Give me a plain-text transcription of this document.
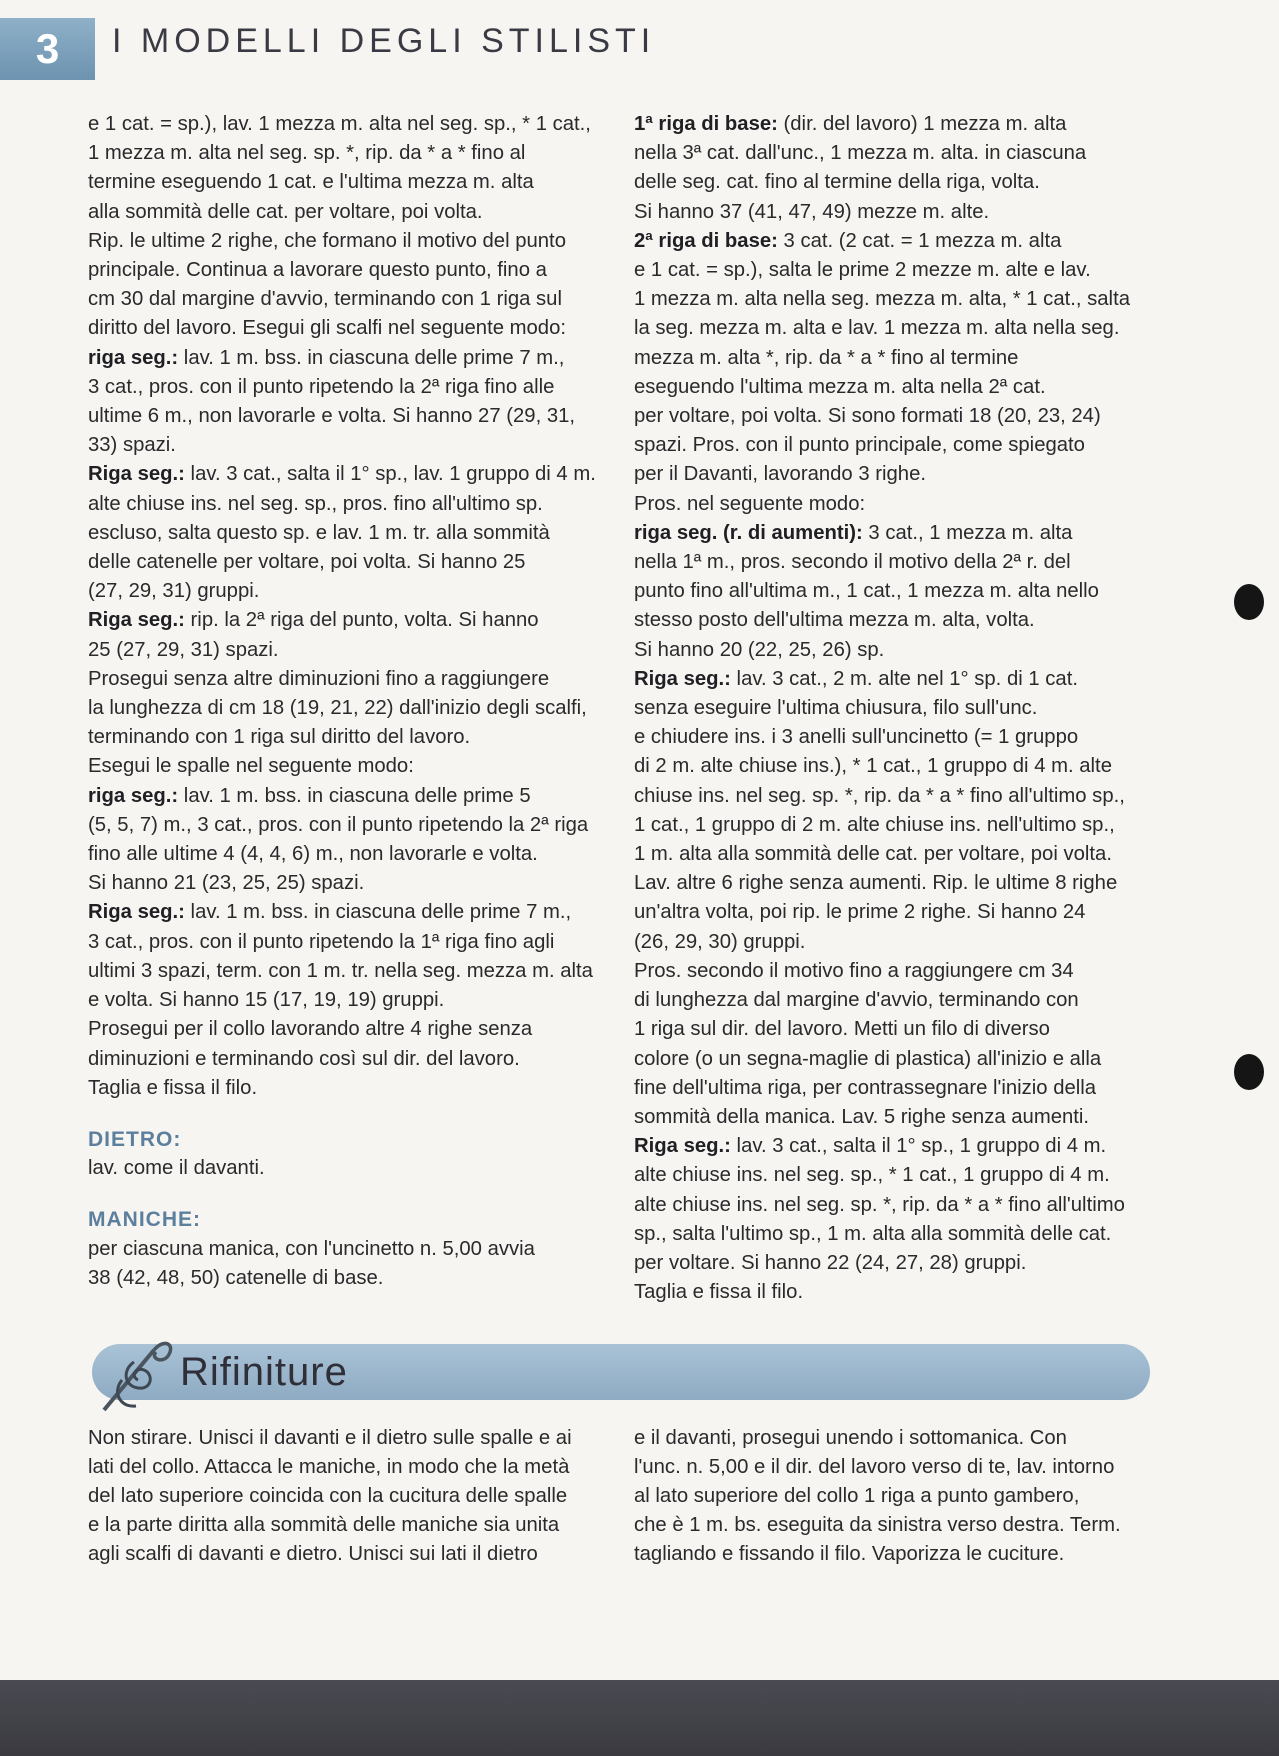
3	I MODELLI DEGLI STILISTI
e 1 cat. = sp.), lav. 1 mezza m. alta nel seg. sp., * 1 cat.,
1 mezza m. alta nel seg. sp. *, rip. da * a * fino al
termine eseguendo 1 cat. e l'ultima mezza m. alta
alla sommità delle cat. per voltare, poi volta.
Rip. le ultime 2 righe, che formano il motivo del punto
principale. Continua a lavorare questo punto, fino a
cm 30 dal margine d'avvio, terminando con 1 riga sul
diritto del lavoro. Esegui gli scalfi nel seguente modo:
riga seg.: lav. 1 m. bss. in ciascuna delle prime 7 m.,
3 cat., pros. con il punto ripetendo la 2ª riga fino alle
ultime 6 m., non lavorarle e volta. Si hanno 27 (29, 31,
33) spazi.
Riga seg.: lav. 3 cat., salta il 1° sp., lav. 1 gruppo di 4 m.
alte chiuse ins. nel seg. sp., pros. fino all'ultimo sp.
escluso, salta questo sp. e lav. 1 m. tr. alla sommità
delle catenelle per voltare, poi volta. Si hanno 25
(27, 29, 31) gruppi.
Riga seg.: rip. la 2ª riga del punto, volta. Si hanno
25 (27, 29, 31) spazi.
Prosegui senza altre diminuzioni fino a raggiungere
la lunghezza di cm 18 (19, 21, 22) dall'inizio degli scalfi,
terminando con 1 riga sul diritto del lavoro.
Esegui le spalle nel seguente modo:
riga seg.: lav. 1 m. bss. in ciascuna delle prime 5
(5, 5, 7) m., 3 cat., pros. con il punto ripetendo la 2ª riga
fino alle ultime 4 (4, 4, 6) m., non lavorarle e volta.
Si hanno 21 (23, 25, 25) spazi.
Riga seg.: lav. 1 m. bss. in ciascuna delle prime 7 m.,
3 cat., pros. con il punto ripetendo la 1ª riga fino agli
ultimi 3 spazi, term. con 1 m. tr. nella seg. mezza m. alta
e volta. Si hanno 15 (17, 19, 19) gruppi.
Prosegui per il collo lavorando altre 4 righe senza
diminuzioni e terminando così sul dir. del lavoro.
Taglia e fissa il filo.
DIETRO:
lav. come il davanti.
MANICHE:
per ciascuna manica, con l'uncinetto n. 5,00 avvia
38 (42, 48, 50) catenelle di base.
1ª riga di base: (dir. del lavoro) 1 mezza m. alta
nella 3ª cat. dall'unc., 1 mezza m. alta. in ciascuna
delle seg. cat. fino al termine della riga, volta.
Si hanno 37 (41, 47, 49) mezze m. alte.
2ª riga di base: 3 cat. (2 cat. = 1 mezza m. alta
e 1 cat. = sp.), salta le prime 2 mezze m. alte e lav.
1 mezza m. alta nella seg. mezza m. alta, * 1 cat., salta
la seg. mezza m. alta e lav. 1 mezza m. alta nella seg.
mezza m. alta *, rip. da * a * fino al termine
eseguendo l'ultima mezza m. alta nella 2ª cat.
per voltare, poi volta. Si sono formati 18 (20, 23, 24)
spazi. Pros. con il punto principale, come spiegato
per il Davanti, lavorando 3 righe.
Pros. nel seguente modo:
riga seg. (r. di aumenti): 3 cat., 1 mezza m. alta
nella 1ª m., pros. secondo il motivo della 2ª r. del
punto fino all'ultima m., 1 cat., 1 mezza m. alta nello
stesso posto dell'ultima mezza m. alta, volta.
Si hanno 20 (22, 25, 26) sp.
Riga seg.: lav. 3 cat., 2 m. alte nel 1° sp. di 1 cat.
senza eseguire l'ultima chiusura, filo sull'unc.
e chiudere ins. i 3 anelli sull'uncinetto (= 1 gruppo
di 2 m. alte chiuse ins.), * 1 cat., 1 gruppo di 4 m. alte
chiuse ins. nel seg. sp. *, rip. da * a * fino all'ultimo sp.,
1 cat., 1 gruppo di 2 m. alte chiuse ins. nell'ultimo sp.,
1 m. alta alla sommità delle cat. per voltare, poi volta.
Lav. altre 6 righe senza aumenti. Rip. le ultime 8 righe
un'altra volta, poi rip. le prime 2 righe. Si hanno 24
(26, 29, 30) gruppi.
Pros. secondo il motivo fino a raggiungere cm 34
di lunghezza dal margine d'avvio, terminando con
1 riga sul dir. del lavoro. Metti un filo di diverso
colore (o un segna-maglie di plastica) all'inizio e alla
fine dell'ultima riga, per contrassegnare l'inizio della
sommità della manica. Lav. 5 righe senza aumenti.
Riga seg.: lav. 3 cat., salta il 1° sp., 1 gruppo di 4 m.
alte chiuse ins. nel seg. sp., * 1 cat., 1 gruppo di 4 m.
alte chiuse ins. nel seg. sp. *, rip. da * a * fino all'ultimo
sp., salta l'ultimo sp., 1 m. alta alla sommità delle cat.
per voltare. Si hanno 22 (24, 27, 28) gruppi.
Taglia e fissa il filo.
Rifiniture
Non stirare. Unisci il davanti e il dietro sulle spalle e ai
lati del collo. Attacca le maniche, in modo che la metà
del lato superiore coincida con la cucitura delle spalle
e la parte diritta alla sommità delle maniche sia unita
agli scalfi di davanti e dietro. Unisci sui lati il dietro
e il davanti, prosegui unendo i sottomanica. Con
l'unc. n. 5,00 e il dir. del lavoro verso di te, lav. intorno
al lato superiore del collo 1 riga a punto gambero,
che è 1 m. bs. eseguita da sinistra verso destra. Term.
tagliando e fissando il filo. Vaporizza le cuciture.
